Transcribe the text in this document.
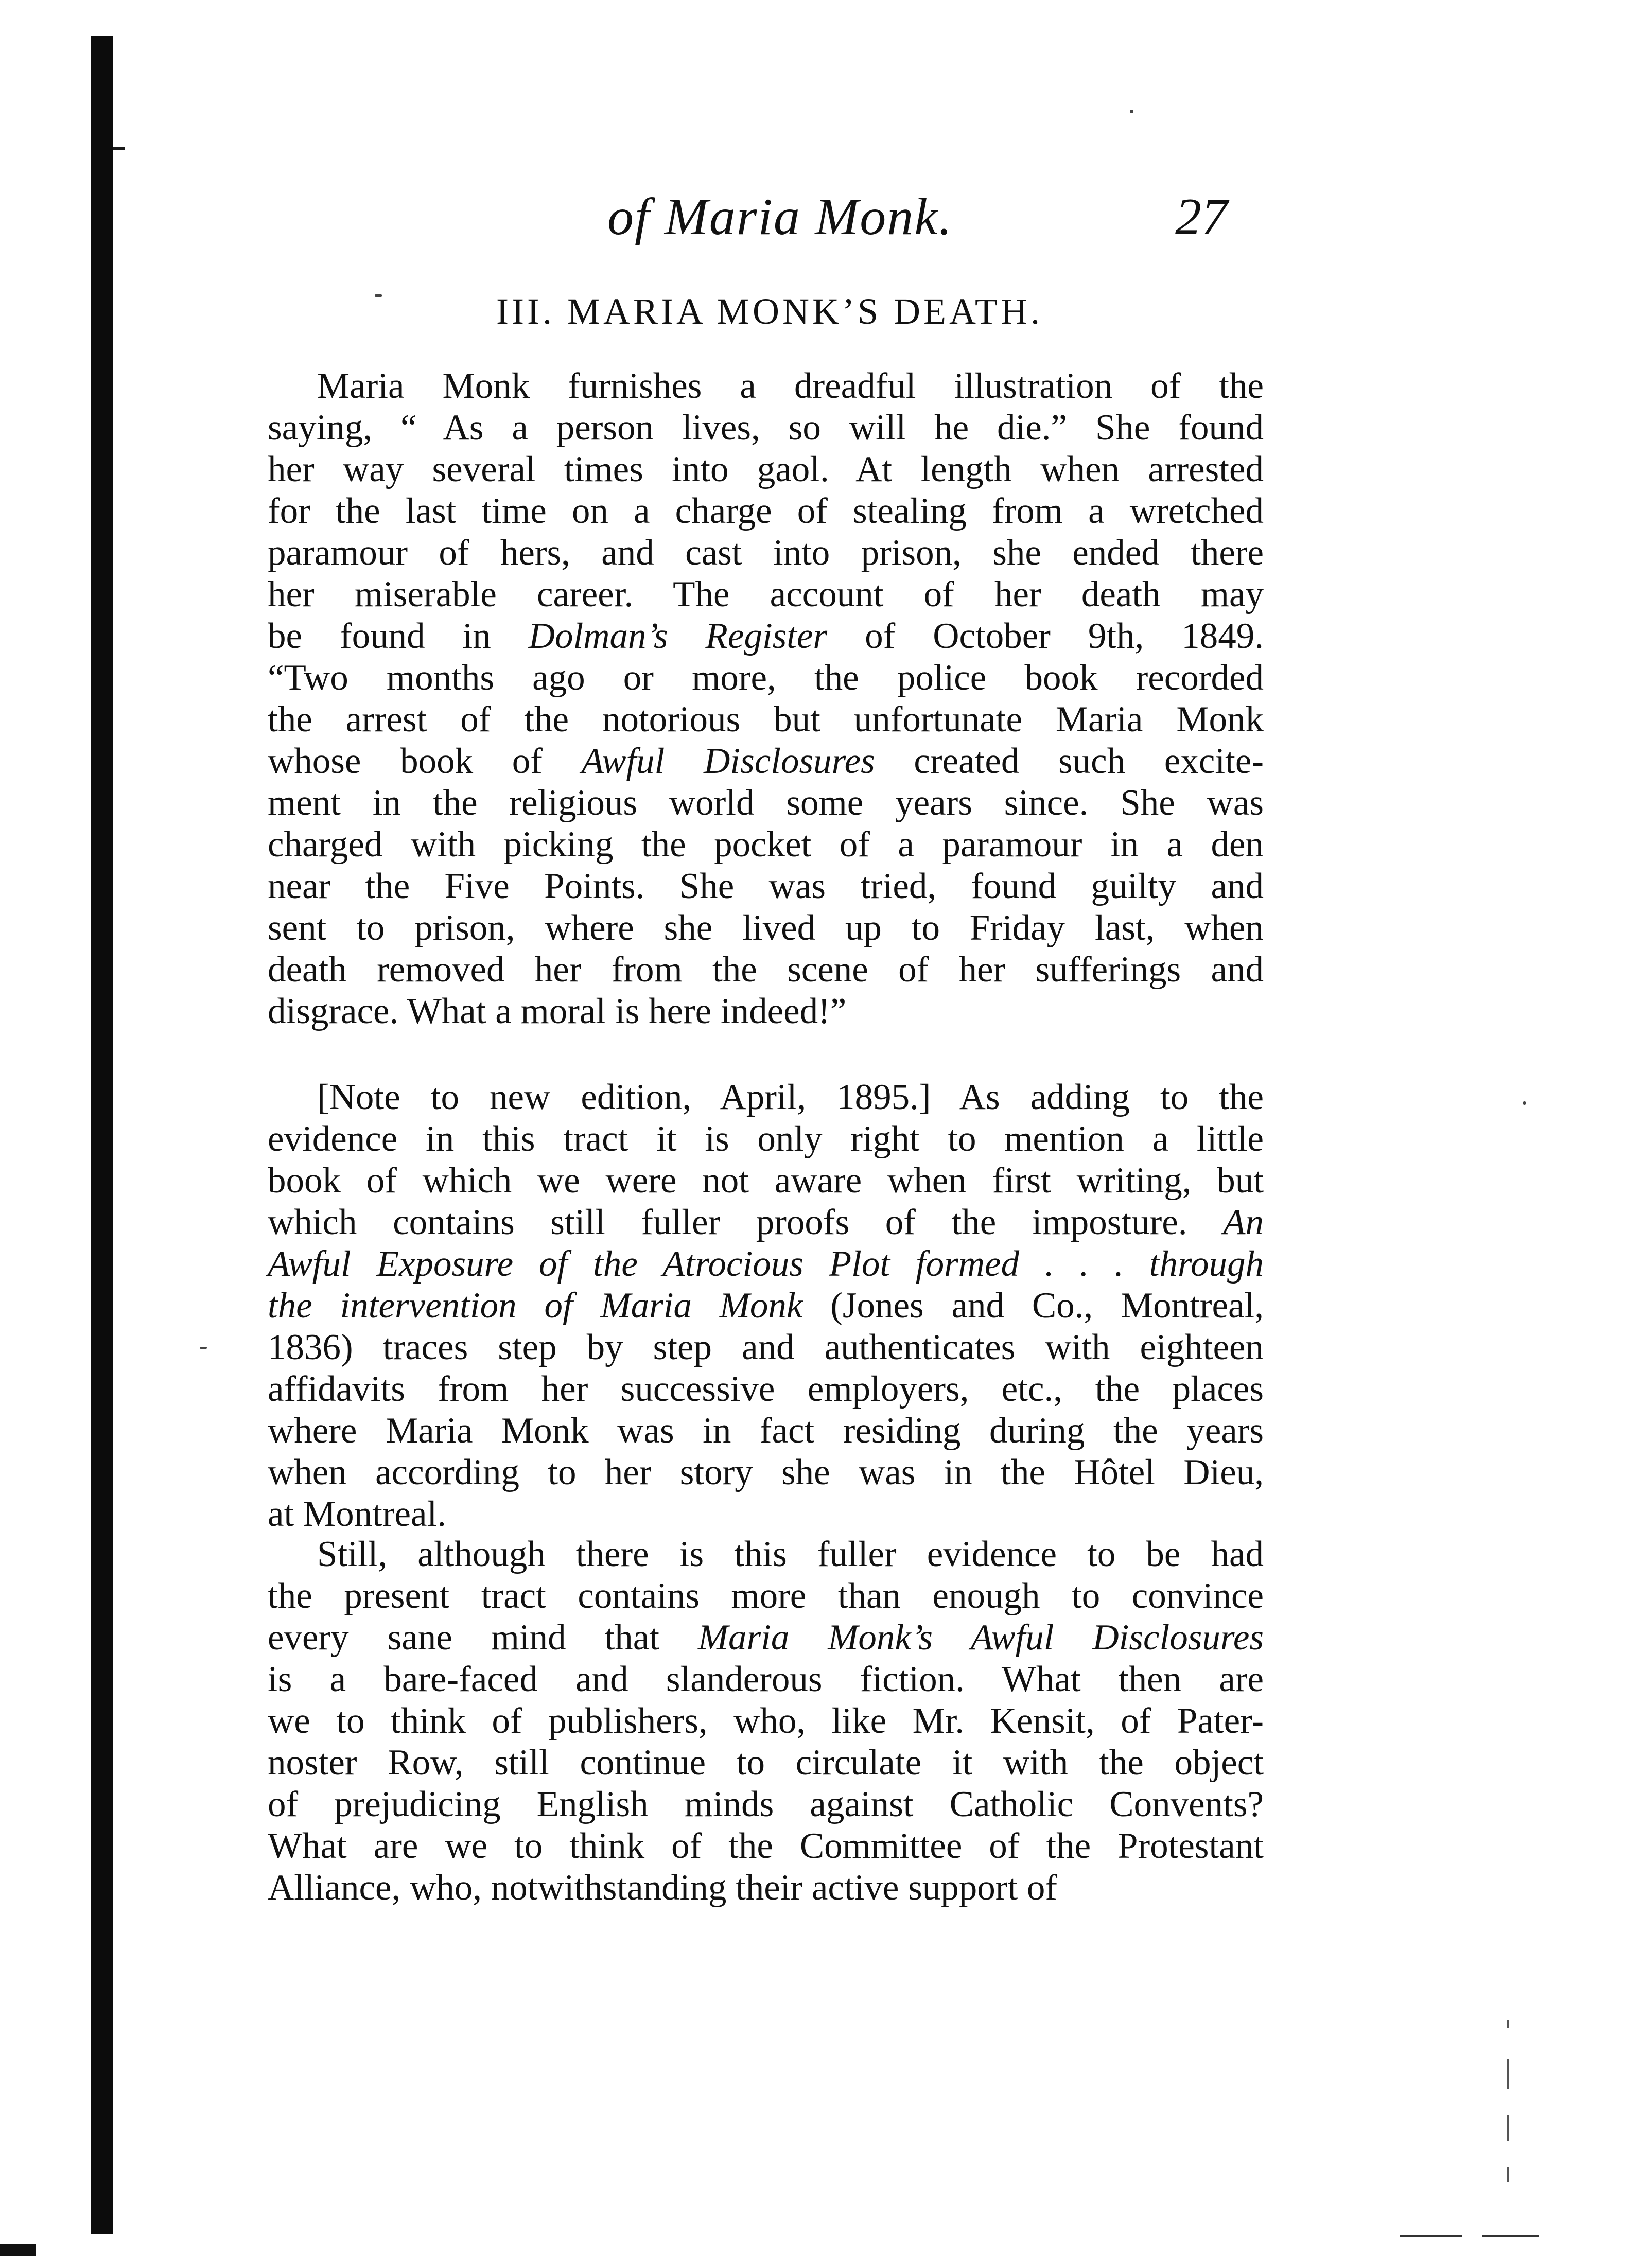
of Maria Monk.	27
III. MARIA MONK’S DEATH.
Maria Monk furnishes a dreadful illustration of the
saying, “ As a person lives, so will he die.” She found
her way several times into gaol. At length when arrested
for the last time on a charge of stealing from a wretched
paramour of hers, and cast into prison, she ended there
her miserable career. The account of her death may
be found in Dolman’s Register of October 9th, 1849.
“Two months ago or more, the police book recorded
the arrest of the notorious but unfortunate Maria Monk
whose book of Awful Disclosures created such excite-
ment in the religious world some years since. She was
charged with picking the pocket of a paramour in a den
near the Five Points. She was tried, found guilty and
sent to prison, where she lived up to Friday last, when
death removed her from the scene of her sufferings and
disgrace. What a moral is here indeed!”
[Note to new edition, April, 1895.] As adding to the
evidence in this tract it is only right to mention a little
book of which we were not aware when first writing, but
which contains still fuller proofs of the imposture. An
Awful Exposure of the Atrocious Plot formed . . . through
the intervention of Maria Monk (Jones and Co., Montreal,
1836) traces step by step and authenticates with eighteen
affidavits from her successive employers, etc., the places
where Maria Monk was in fact residing during the years
when according to her story she was in the Hôtel Dieu,
at Montreal.
Still, although there is this fuller evidence to be had
the present tract contains more than enough to convince
every sane mind that Maria Monk’s Awful Disclosures
is a bare-faced and slanderous fiction. What then are
we to think of publishers, who, like Mr. Kensit, of Pater-
noster Row, still continue to circulate it with the object
of prejudicing English minds against Catholic Convents?
What are we to think of the Committee of the Protestant
Alliance, who, notwithstanding their active support of
